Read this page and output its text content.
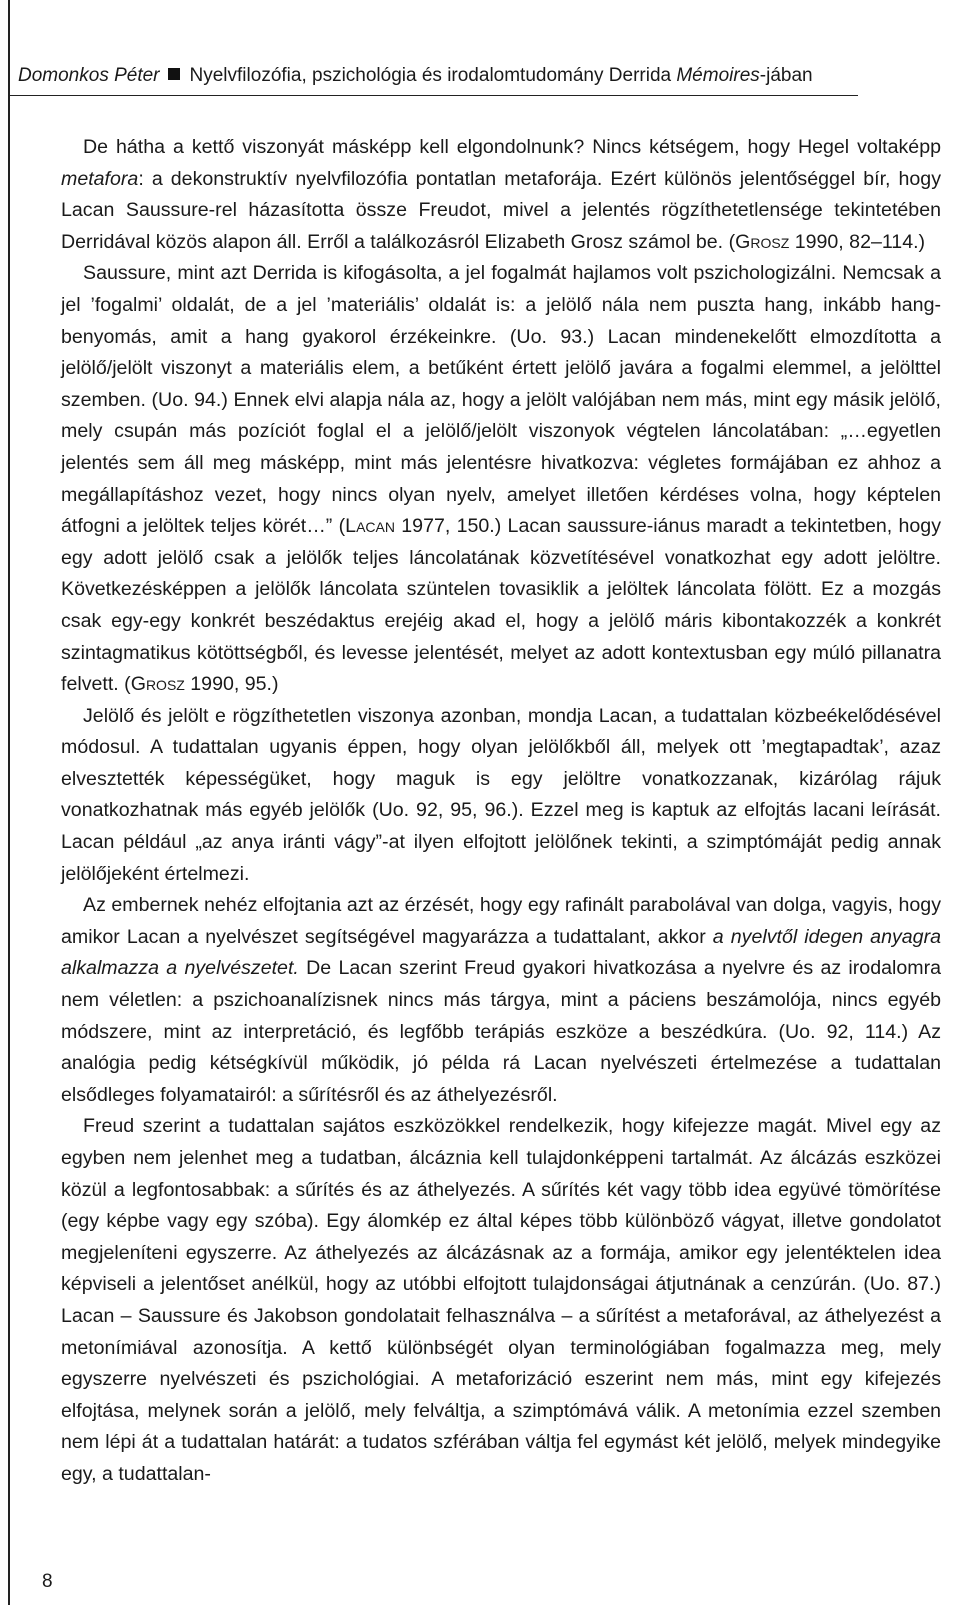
Domonkos Péter Nyelvfilozófia, pszichológia és irodalomtudomány Derrida Mémoires-jában

De hátha a kettő viszonyát másképp kell elgondolnunk? Nincs kétségem, hogy Hegel voltaképp metafora: a dekonstruktív nyelvfilozófia pontatlan metaforája. Ezért különös jelentőséggel bír, hogy Lacan Saussure-rel házasította össze Freudot, mivel a jelentés rögzíthetetlensége tekintetében Derridával közös alapon áll. Erről a találkozásról Elizabeth Grosz számol be. (Grosz 1990, 82–114.)

Saussure, mint azt Derrida is kifogásolta, a jel fogalmát hajlamos volt pszichologizálni. Nemcsak a jel ’fogalmi’ oldalát, de a jel ’materiális’ oldalát is: a jelölő nála nem puszta hang, inkább hang-benyomás, amit a hang gyakorol érzékeinkre. (Uo. 93.) Lacan mindenekelőtt elmozdította a jelölő/jelölt viszonyt a materiális elem, a betűként értett jelölő javára a fogalmi elemmel, a jelölttel szemben. (Uo. 94.) Ennek elvi alapja nála az, hogy a jelölt valójában nem más, mint egy másik jelölő, mely csupán más pozíciót foglal el a jelölő/jelölt viszonyok végtelen láncolatában: „…egyetlen jelentés sem áll meg másképp, mint más jelentésre hivatkozva: végletes formájában ez ahhoz a megállapításhoz vezet, hogy nincs olyan nyelv, amelyet illetően kérdéses volna, hogy képtelen átfogni a jelöltek teljes körét…” (Lacan 1977, 150.) Lacan saussure-iánus maradt a tekintetben, hogy egy adott jelölő csak a jelölők teljes láncolatának közvetítésével vonatkozhat egy adott jelöltre. Következésképpen a jelölők láncolata szüntelen tovasiklik a jelöltek láncolata fölött. Ez a mozgás csak egy-egy konkrét beszédaktus erejéig akad el, hogy a jelölő máris kibontakozzék a konkrét szintagmatikus kötöttségből, és levesse jelentését, melyet az adott kontextusban egy múló pillanatra felvett. (Grosz 1990, 95.)

Jelölő és jelölt e rögzíthetetlen viszonya azonban, mondja Lacan, a tudattalan közbeékelődésével módosul. A tudattalan ugyanis éppen, hogy olyan jelölőkből áll, melyek ott ’megtapadtak’, azaz elvesztették képességüket, hogy maguk is egy jelöltre vonatkozzanak, kizárólag rájuk vonatkozhatnak más egyéb jelölők (Uo. 92, 95, 96.). Ezzel meg is kaptuk az elfojtás lacani leírását. Lacan például „az anya iránti vágy”-at ilyen elfojtott jelölőnek tekinti, a szimptómáját pedig annak jelölőjeként értelmezi.

Az embernek nehéz elfojtania azt az érzését, hogy egy rafinált parabolával van dolga, vagyis, hogy amikor Lacan a nyelvészet segítségével magyarázza a tudattalant, akkor a nyelvtől idegen anyagra alkalmazza a nyelvészetet. De Lacan szerint Freud gyakori hivatkozása a nyelvre és az irodalomra nem véletlen: a pszichoanalízisnek nincs más tárgya, mint a páciens beszámolója, nincs egyéb módszere, mint az interpretáció, és legfőbb terápiás eszköze a beszédkúra. (Uo. 92, 114.) Az analógia pedig kétségkívül működik, jó példa rá Lacan nyelvészeti értelmezése a tudattalan elsődleges folyamatairól: a sűrítésről és az áthelyezésről.

Freud szerint a tudattalan sajátos eszközökkel rendelkezik, hogy kifejezze magát. Mivel egy az egyben nem jelenhet meg a tudatban, álcáznia kell tulajdonképpeni tartalmát. Az álcázás eszközei közül a legfontosabbak: a sűrítés és az áthelyezés. A sűrítés két vagy több idea együvé tömörítése (egy képbe vagy egy szóba). Egy álomkép ez által képes több különböző vágyat, illetve gondolatot megjeleníteni egyszerre. Az áthelyezés az álcázásnak az a formája, amikor egy jelentéktelen idea képviseli a jelentőset anélkül, hogy az utóbbi elfojtott tulajdonságai átjutnának a cenzúrán. (Uo. 87.) Lacan – Saussure és Jakobson gondolatait felhasználva – a sűrítést a metaforával, az áthelyezést a metonímiával azonosítja. A kettő különbségét olyan terminológiában fogalmazza meg, mely egyszerre nyelvészeti és pszichológiai. A metaforizáció eszerint nem más, mint egy kifejezés elfojtása, melynek során a jelölő, mely felváltja, a szimptómává válik. A metonímia ezzel szemben nem lépi át a tudattalan határát: a tudatos szférában váltja fel egymást két jelölő, melyek mindegyike egy, a tudattalan-

8
